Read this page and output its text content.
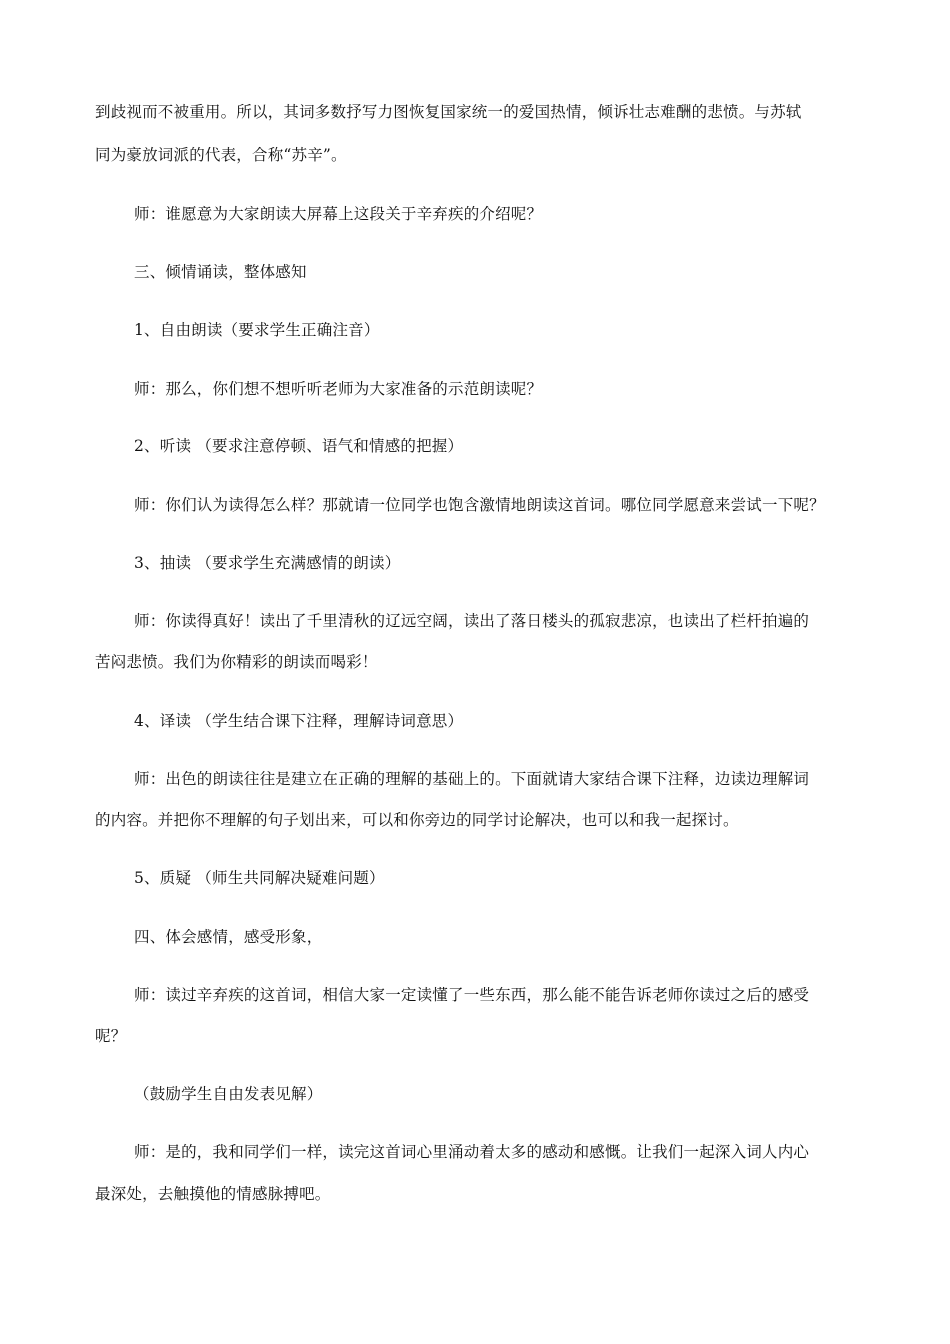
到歧视而不被重用。所以，其词多数抒写力图恢复国家统一的爱国热情，倾诉壮志难酬的悲愤。与苏轼
同为豪放词派的代表，合称“苏辛”。
师：谁愿意为大家朗读大屏幕上这段关于辛弃疾的介绍呢？
三、倾情诵读，整体感知
1、自由朗读（要求学生正确注音）
师：那么，你们想不想听听老师为大家准备的示范朗读呢？
2、听读 （要求注意停顿、语气和情感的把握）
师：你们认为读得怎么样？那就请一位同学也饱含激情地朗读这首词。哪位同学愿意来尝试一下呢？
3、抽读 （要求学生充满感情的朗读）
师：你读得真好！读出了千里清秋的辽远空阔，读出了落日楼头的孤寂悲凉，也读出了栏杆拍遍的
苦闷悲愤。我们为你精彩的朗读而喝彩！
4、译读 （学生结合课下注释，理解诗词意思）
师：出色的朗读往往是建立在正确的理解的基础上的。下面就请大家结合课下注释，边读边理解词
的内容。并把你不理解的句子划出来，可以和你旁边的同学讨论解决，也可以和我一起探讨。
5、质疑 （师生共同解决疑难问题）
四、体会感情，感受形象，
师：读过辛弃疾的这首词，相信大家一定读懂了一些东西，那么能不能告诉老师你读过之后的感受
呢？
（鼓励学生自由发表见解）
师：是的，我和同学们一样，读完这首词心里涌动着太多的感动和感慨。让我们一起深入词人内心
最深处，去触摸他的情感脉搏吧。
